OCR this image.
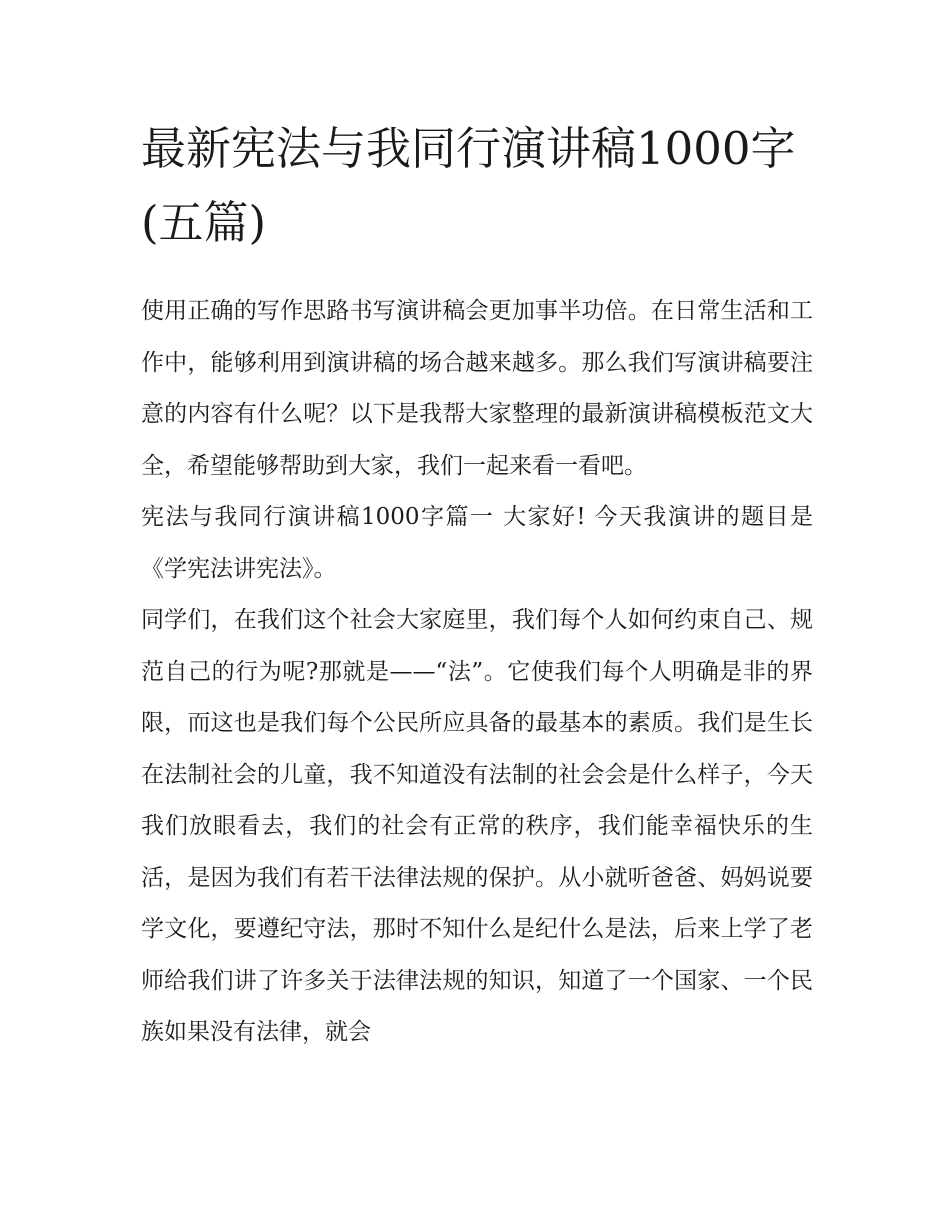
最新宪法与我同行演讲稿1000字(五篇)

使用正确的写作思路书写演讲稿会更加事半功倍。在日常生活和工作中，能够利用到演讲稿的场合越来越多。那么我们写演讲稿要注意的内容有什么呢？以下是我帮大家整理的最新演讲稿模板范文大全，希望能够帮助到大家，我们一起来看一看吧。

宪法与我同行演讲稿1000字篇一 大家好! 今天我演讲的题目是《学宪法讲宪法》。

同学们，在我们这个社会大家庭里，我们每个人如何约束自己、规范自己的行为呢?那就是——“法”。它使我们每个人明确是非的界限，而这也是我们每个公民所应具备的最基本的素质。我们是生长在法制社会的儿童，我不知道没有法制的社会会是什么样子，今天我们放眼看去，我们的社会有正常的秩序，我们能幸福快乐的生活，是因为我们有若干法律法规的保护。从小就听爸爸、妈妈说要学文化，要遵纪守法，那时不知什么是纪什么是法，后来上学了老师给我们讲了许多关于法律法规的知识，知道了一个国家、一个民族如果没有法律，就会
